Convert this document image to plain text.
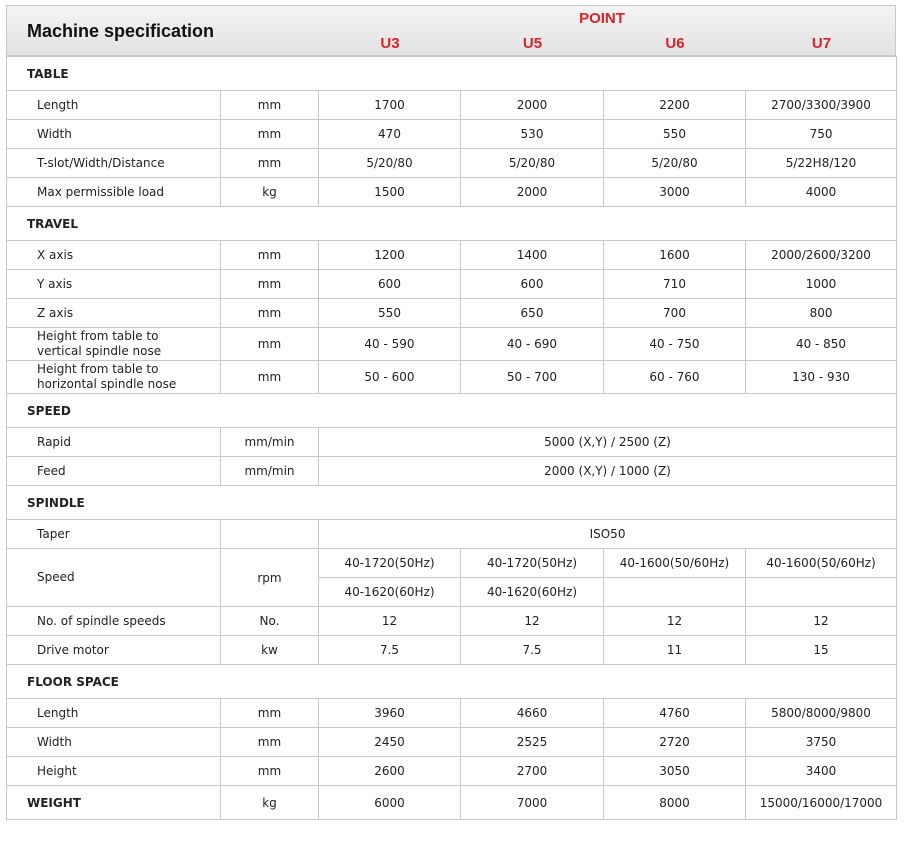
Machine specification
POINT
U3	U5	U6	U7
TABLE					
Length	mm	1700	2000	2200	2700/3300/3900
Width	mm	470	530	550	750
T-slot/Width/Distance	mm	5/20/80	5/20/80	5/20/80	5/22H8/120
Max permissible load	kg	1500	2000	3000	4000
TRAVEL					
X axis	mm	1200	1400	1600	2000/2600/3200
Y axis	mm	600	600	710	1000
Z axis	mm	550	650	700	800
Height from table to
vertical spindle nose	mm	40 - 590	40 - 690	40 - 750	40 - 850
Height from table to
horizontal spindle nose	mm	50 - 600	50 - 700	60 - 760	130 - 930
SPEED					
Rapid	mm/min	5000 (X,Y) / 2500 (Z)			
Feed	mm/min	2000 (X,Y) / 1000 (Z)			
SPINDLE					
Taper		ISO50			
Speed	rpm	40-1720(50Hz)	40-1720(50Hz)	40-1600(50/60Hz)	40-1600(50/60Hz)
		40-1620(60Hz)	40-1620(60Hz)		
No. of spindle speeds	No.	12	12	12	12
Drive motor	kw	7.5	7.5	11	15
FLOOR SPACE					
Length	mm	3960	4660	4760	5800/8000/9800
Width	mm	2450	2525	2720	3750
Height	mm	2600	2700	3050	3400
WEIGHT	kg	6000	7000	8000	15000/16000/17000
